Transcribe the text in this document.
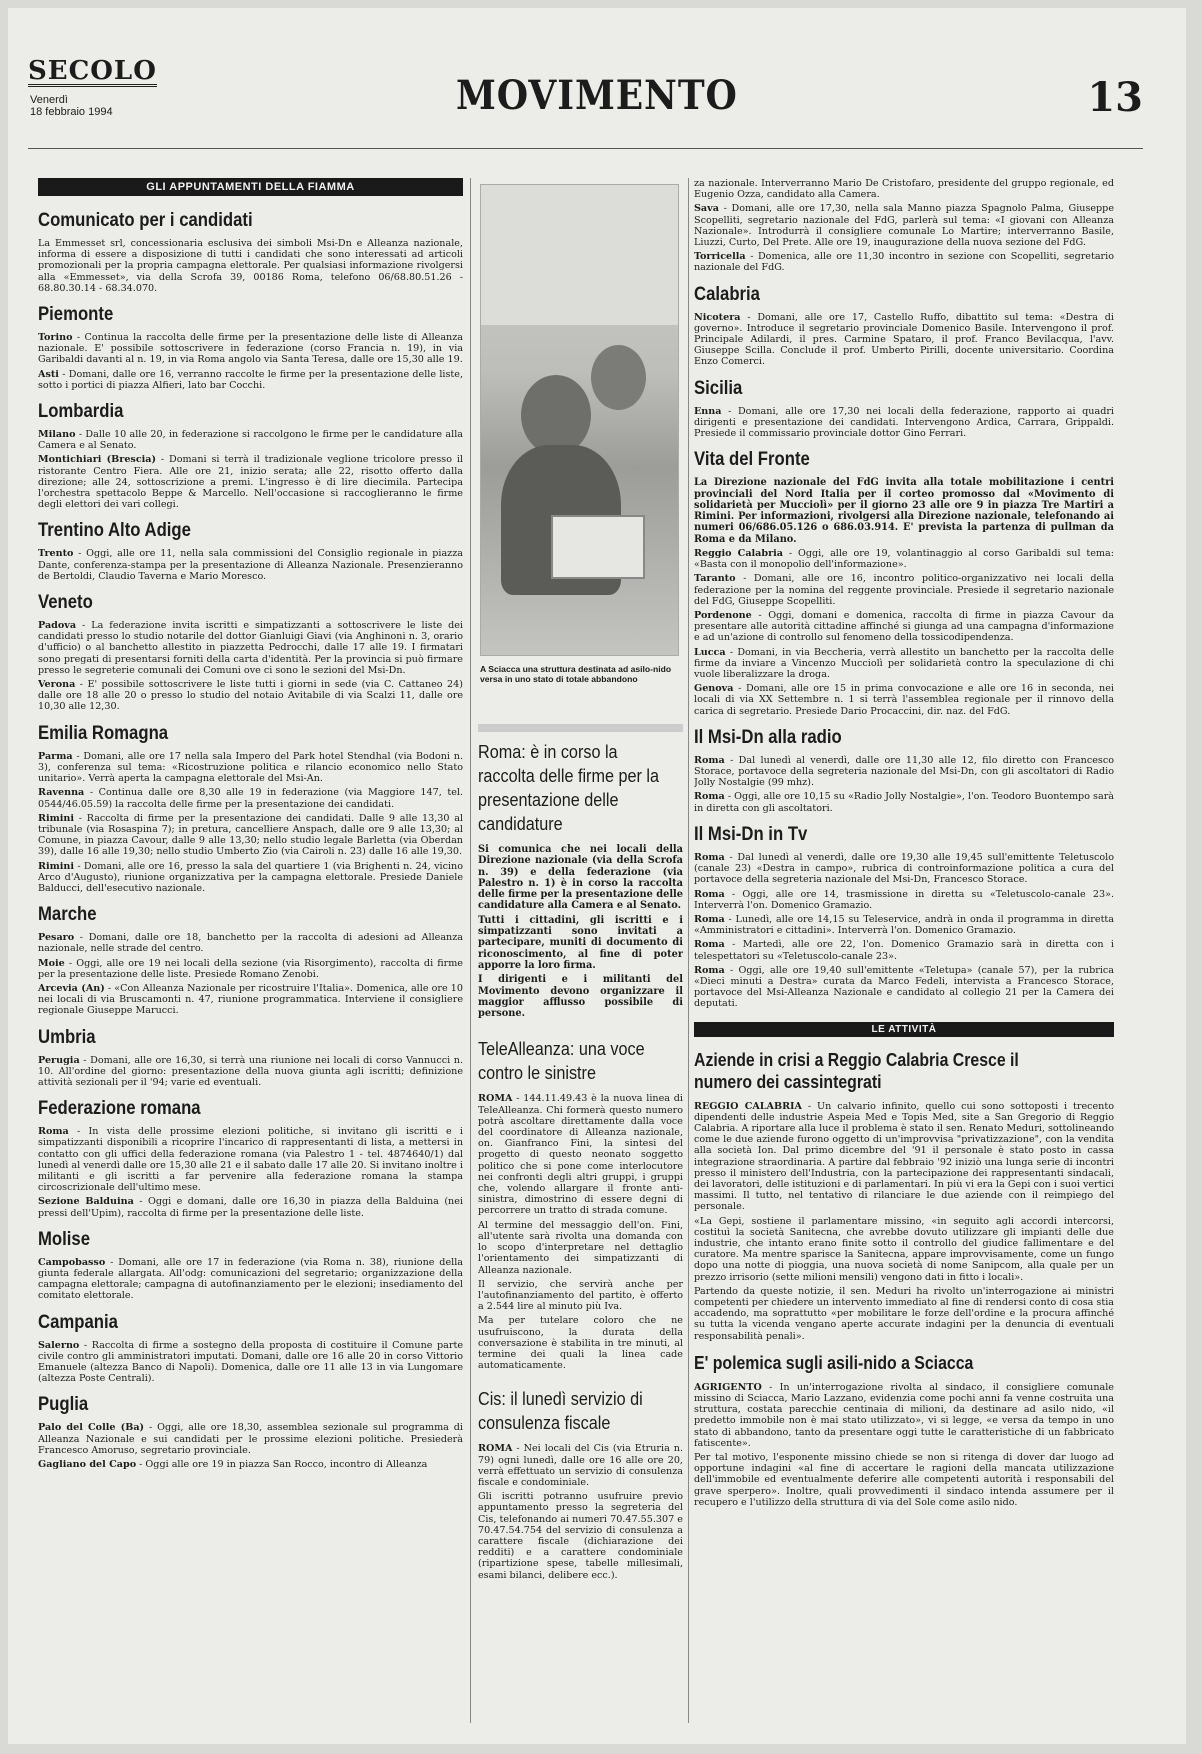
SECOLO
Venerdì
18 febbraio 1994	MOVIMENTO	13
GLI APPUNTAMENTI DELLA FIAMMA
Comunicato per i candidati

La Emmesset srl, concessionaria esclusiva dei simboli Msi-Dn e Alleanza nazionale, informa di essere a disposizione di tutti i candidati che sono interessati ad articoli promozionali per la propria campagna elettorale. Per qualsiasi informazione rivolgersi alla «Emmesset», via della Scrofa 39, 00186 Roma, telefono 06/68.80.51.26 - 68.80.30.14 - 68.34.070.

Piemonte

Torino - Continua la raccolta delle firme per la presentazione delle liste di Alleanza nazionale. E' possibile sottoscrivere in federazione (corso Francia n. 19), in via Garibaldi davanti al n. 19, in via Roma angolo via Santa Teresa, dalle ore 15,30 alle 19.

Asti - Domani, dalle ore 16, verranno raccolte le firme per la presentazione delle liste, sotto i portici di piazza Alfieri, lato bar Cocchi.

Lombardia

Milano - Dalle 10 alle 20, in federazione si raccolgono le firme per le candidature alla Camera e al Senato.

Montichiari (Brescia) - Domani si terrà il tradizionale veglione tricolore presso il ristorante Centro Fiera. Alle ore 21, inizio serata; alle 22, risotto offerto dalla direzione; alle 24, sottoscrizione a premi. L'ingresso è di lire diecimila. Partecipa l'orchestra spettacolo Beppe & Marcello. Nell'occasione si raccoglieranno le firme degli elettori dei vari collegi.

Trentino Alto Adige

Trento - Oggi, alle ore 11, nella sala commissioni del Consiglio regionale in piazza Dante, conferenza-stampa per la presentazione di Alleanza Nazionale. Presenzieranno de Bertoldi, Claudio Taverna e Mario Moresco.

Veneto

Padova - La federazione invita iscritti e simpatizzanti a sottoscrivere le liste dei candidati presso lo studio notarile del dottor Gianluigi Giavi (via Anghinoni n. 3, orario d'ufficio) o al banchetto allestito in piazzetta Pedrocchi, dalle 17 alle 19. I firmatari sono pregati di presentarsi forniti della carta d'identità. Per la provincia si può firmare presso le segreterie comunali dei Comuni ove ci sono le sezioni del Msi-Dn.

Verona - E' possibile sottoscrivere le liste tutti i giorni in sede (via C. Cattaneo 24) dalle ore 18 alle 20 o presso lo studio del notaio Avitabile di via Scalzi 11, dalle ore 10,30 alle 12,30.

Emilia Romagna

Parma - Domani, alle ore 17 nella sala Impero del Park hotel Stendhal (via Bodoni n. 3), conferenza sul tema: «Ricostruzione politica e rilancio economico nello Stato unitario». Verrà aperta la campagna elettorale del Msi-An.

Ravenna - Continua dalle ore 8,30 alle 19 in federazione (via Maggiore 147, tel. 0544/46.05.59) la raccolta delle firme per la presentazione dei candidati.

Rimini - Raccolta di firme per la presentazione dei candidati. Dalle 9 alle 13,30 al tribunale (via Rosaspina 7); in pretura, cancelliere Anspach, dalle ore 9 alle 13,30; al Comune, in piazza Cavour, dalle 9 alle 13,30; nello studio legale Barletta (via Oberdan 39), dalle 16 alle 19,30; nello studio Umberto Zio (via Cairoli n. 23) dalle 16 alle 19,30.

Rimini - Domani, alle ore 16, presso la sala del quartiere 1 (via Brighenti n. 24, vicino Arco d'Augusto), riunione organizzativa per la campagna elettorale. Presiede Daniele Balducci, dell'esecutivo nazionale.

Marche

Pesaro - Domani, dalle ore 18, banchetto per la raccolta di adesioni ad Alleanza nazionale, nelle strade del centro.

Moie - Oggi, alle ore 19 nei locali della sezione (via Risorgimento), raccolta di firme per la presentazione delle liste. Presiede Romano Zenobi.

Arcevia (An) - «Con Alleanza Nazionale per ricostruire l'Italia». Domenica, alle ore 10 nei locali di via Bruscamonti n. 47, riunione programmatica. Interviene il consigliere regionale Giuseppe Marucci.

Umbria

Perugia - Domani, alle ore 16,30, si terrà una riunione nei locali di corso Vannucci n. 10. All'ordine del giorno: presentazione della nuova giunta agli iscritti; definizione attività sezionali per il '94; varie ed eventuali.

Federazione romana

Roma - In vista delle prossime elezioni politiche, si invitano gli iscritti e i simpatizzanti disponibili a ricoprire l'incarico di rappresentanti di lista, a mettersi in contatto con gli uffici della federazione romana (via Palestro 1 - tel. 4874640/1) dal lunedì al venerdì dalle ore 15,30 alle 21 e il sabato dalle 17 alle 20. Si invitano inoltre i militanti e gli iscritti a far pervenire alla federazione romana la stampa circoscrizionale dell'ultimo mese.

Sezione Balduina - Oggi e domani, dalle ore 16,30 in piazza della Balduina (nei pressi dell'Upim), raccolta di firme per la presentazione delle liste.

Molise

Campobasso - Domani, alle ore 17 in federazione (via Roma n. 38), riunione della giunta federale allargata. All'odg: comunicazioni del segretario; organizzazione della campagna elettorale; campagna di autofinanziamento per le elezioni; insediamento del comitato elettorale.

Campania

Salerno - Raccolta di firme a sostegno della proposta di costituire il Comune parte civile contro gli amministratori imputati. Domani, dalle ore 16 alle 20 in corso Vittorio Emanuele (altezza Banco di Napoli). Domenica, dalle ore 11 alle 13 in via Lungomare (altezza Poste Centrali).

Puglia

Palo del Colle (Ba) - Oggi, alle ore 18,30, assemblea sezionale sul programma di Alleanza Nazionale e sui candidati per le prossime elezioni politiche. Presiederà Francesco Amoruso, segretario provinciale.

Gagliano del Capo - Oggi alle ore 19 in piazza San Rocco, incontro di Alleanza

A Sciacca una struttura destinata ad asilo-nido versa in uno stato di totale abbandono
Roma: è in corso la raccolta delle firme per la presentazione delle candidature

Si comunica che nei locali della Direzione nazionale (via della Scrofa n. 39) e della federazione (via Palestro n. 1) è in corso la raccolta delle firme per la presentazione delle candidature alla Camera e al Senato.

Tutti i cittadini, gli iscritti e i simpatizzanti sono invitati a partecipare, muniti di documento di riconoscimento, al fine di poter apporre la loro firma.

I dirigenti e i militanti del Movimento devono organizzare il maggior afflusso possibile di persone.

TeleAlleanza: una voce contro le sinistre

ROMA - 144.11.49.43 è la nuova linea di TeleAlleanza. Chi formerà questo numero potrà ascoltare direttamente dalla voce del coordinatore di Alleanza nazionale, on. Gianfranco Fini, la sintesi del progetto di questo neonato soggetto politico che si pone come interlocutore nei confronti degli altri gruppi, i gruppi che, volendo allargare il fronte anti-sinistra, dimostrino di essere degni di percorrere un tratto di strada comune.

Al termine del messaggio dell'on. Fini, all'utente sarà rivolta una domanda con lo scopo d'interpretare nel dettaglio l'orientamento dei simpatizzanti di Alleanza nazionale.

Il servizio, che servirà anche per l'autofinanziamento del partito, è offerto a 2.544 lire al minuto più Iva.

Ma per tutelare coloro che ne usufruiscono, la durata della conversazione è stabilita in tre minuti, al termine dei quali la linea cade automaticamente.

Cis: il lunedì servizio di consulenza fiscale

ROMA - Nei locali del Cis (via Etruria n. 79) ogni lunedì, dalle ore 16 alle ore 20, verrà effettuato un servizio di consulenza fiscale e condominiale.

Gli iscritti potranno usufruire previo appuntamento presso la segreteria del Cis, telefonando ai numeri 70.47.55.307 e 70.47.54.754 del servizio di consulenza a carattere fiscale (dichiarazione dei redditi) e a carattere condominiale (ripartizione spese, tabelle millesimali, esami bilanci, delibere ecc.).

za nazionale. Interverranno Mario De Cristofaro, presidente del gruppo regionale, ed Eugenio Ozza, candidato alla Camera.

Sava - Domani, alle ore 17,30, nella sala Manno piazza Spagnolo Palma, Giuseppe Scopelliti, segretario nazionale del FdG, parlerà sul tema: «I giovani con Alleanza Nazionale». Introdurrà il consigliere comunale Lo Martire; interverranno Basile, Liuzzi, Curto, Del Prete. Alle ore 19, inaugurazione della nuova sezione del FdG.

Torricella - Domenica, alle ore 11,30 incontro in sezione con Scopelliti, segretario nazionale del FdG.

Calabria

Nicotera - Domani, alle ore 17, Castello Ruffo, dibattito sul tema: «Destra di governo». Introduce il segretario provinciale Domenico Basile. Intervengono il prof. Principale Adilardi, il pres. Carmine Spataro, il prof. Franco Bevilacqua, l'avv. Giuseppe Scilla. Conclude il prof. Umberto Pirilli, docente universitario. Coordina Enzo Comerci.

Sicilia

Enna - Domani, alle ore 17,30 nei locali della federazione, rapporto ai quadri dirigenti e presentazione dei candidati. Intervengono Ardica, Carrara, Grippaldi. Presiede il commissario provinciale dottor Gino Ferrari.

Vita del Fronte

La Direzione nazionale del FdG invita alla totale mobilitazione i centri provinciali del Nord Italia per il corteo promosso dal «Movimento di solidarietà per Mucciolì» per il giorno 23 alle ore 9 in piazza Tre Martiri a Rimini. Per informazioni, rivolgersi alla Direzione nazionale, telefonando ai numeri 06/686.05.126 o 686.03.914. E' prevista la partenza di pullman da Roma e da Milano.

Reggio Calabria - Oggi, alle ore 19, volantinaggio al corso Garibaldi sul tema: «Basta con il monopolio dell'informazione».

Taranto - Domani, alle ore 16, incontro politico-organizzativo nei locali della federazione per la nomina del reggente provinciale. Presiede il segretario nazionale del FdG, Giuseppe Scopelliti.

Pordenone - Oggi, domani e domenica, raccolta di firme in piazza Cavour da presentare alle autorità cittadine affinché si giunga ad una campagna d'informazione e ad un'azione di controllo sul fenomeno della tossicodipendenza.

Lucca - Domani, in via Beccheria, verrà allestito un banchetto per la raccolta delle firme da inviare a Vincenzo Mucciolì per solidarietà contro la speculazione di chi vuole liberalizzare la droga.

Genova - Domani, alle ore 15 in prima convocazione e alle ore 16 in seconda, nei locali di via XX Settembre n. 1 si terrà l'assemblea regionale per il rinnovo della carica di segretario. Presiede Dario Procaccini, dir. naz. del FdG.

Il Msi-Dn alla radio

Roma - Dal lunedì al venerdì, dalle ore 11,30 alle 12, filo diretto con Francesco Storace, portavoce della segreteria nazionale del Msi-Dn, con gli ascoltatori di Radio Jolly Nostalgie (99 mhz).

Roma - Oggi, alle ore 10,15 su «Radio Jolly Nostalgie», l'on. Teodoro Buontempo sarà in diretta con gli ascoltatori.

Il Msi-Dn in Tv

Roma - Dal lunedì al venerdì, dalle ore 19,30 alle 19,45 sull'emittente Teletuscolo (canale 23) «Destra in campo», rubrica di controinformazione politica a cura del portavoce della segreteria nazionale del Msi-Dn, Francesco Storace.

Roma - Oggi, alle ore 14, trasmissione in diretta su «Teletuscolo-canale 23». Interverrà l'on. Domenico Gramazio.

Roma - Lunedì, alle ore 14,15 su Teleservice, andrà in onda il programma in diretta «Amministratori e cittadini». Interverrà l'on. Domenico Gramazio.

Roma - Martedì, alle ore 22, l'on. Domenico Gramazio sarà in diretta con i telespettatori su «Teletuscolo-canale 23».

Roma - Oggi, alle ore 19,40 sull'emittente «Teletupa» (canale 57), per la rubrica «Dieci minuti a Destra» curata da Marco Fedeli, intervista a Francesco Storace, portavoce del Msi-Alleanza Nazionale e candidato al collegio 21 per la Camera dei deputati.

LE ATTIVITÀ
Aziende in crisi a Reggio Calabria Cresce il numero dei cassintegrati

REGGIO CALABRIA - Un calvario infinito, quello cui sono sottoposti i trecento dipendenti delle industrie Aspeia Med e Topis Med, site a San Gregorio di Reggio Calabria. A riportare alla luce il problema è stato il sen. Renato Meduri, sottolineando come le due aziende furono oggetto di un'improvvisa "privatizzazione", con la vendita alla società Ion. Dal primo dicembre del '91 il personale è stato posto in cassa integrazione straordinaria. A partire dal febbraio '92 iniziò una lunga serie di incontri presso il ministero dell'Industria, con la partecipazione dei rappresentanti sindacali, dei lavoratori, delle istituzioni e di parlamentari. In più vi era la Gepi con i suoi vertici massimi. Il tutto, nel tentativo di rilanciare le due aziende con il reimpiego del personale.

«La Gepi, sostiene il parlamentare missino, «in seguito agli accordi intercorsi, costituì la società Sanitecna, che avrebbe dovuto utilizzare gli impianti delle due industrie, che intanto erano finite sotto il controllo del giudice fallimentare e del curatore. Ma mentre sparisce la Sanitecna, appare improvvisamente, come un fungo dopo una notte di pioggia, una nuova società di nome Sanipcom, alla quale per un prezzo irrisorio (sette milioni mensili) vengono dati in fitto i locali».

Partendo da queste notizie, il sen. Meduri ha rivolto un'interrogazione ai ministri competenti per chiedere un intervento immediato al fine di rendersi conto di cosa stia accadendo, ma soprattutto «per mobilitare le forze dell'ordine e la procura affinché su tutta la vicenda vengano aperte accurate indagini per la denuncia di eventuali responsabilità penali».

E' polemica sugli asili-nido a Sciacca

AGRIGENTO - In un'interrogazione rivolta al sindaco, il consigliere comunale missino di Sciacca, Mario Lazzano, evidenzia come pochi anni fa venne costruita una struttura, costata parecchie centinaia di milioni, da destinare ad asilo nido, «il predetto immobile non è mai stato utilizzato», vi si legge, «e versa da tempo in uno stato di abbandono, tanto da presentare oggi tutte le caratteristiche di un fabbricato fatiscente».

Per tal motivo, l'esponente missino chiede se non si ritenga di dover dar luogo ad opportune indagini «al fine di accertare le ragioni della mancata utilizzazione dell'immobile ed eventualmente deferire alle competenti autorità i responsabili del grave sperpero». Inoltre, quali provvedimenti il sindaco intenda assumere per il recupero e l'utilizzo della struttura di via del Sole come asilo nido.
